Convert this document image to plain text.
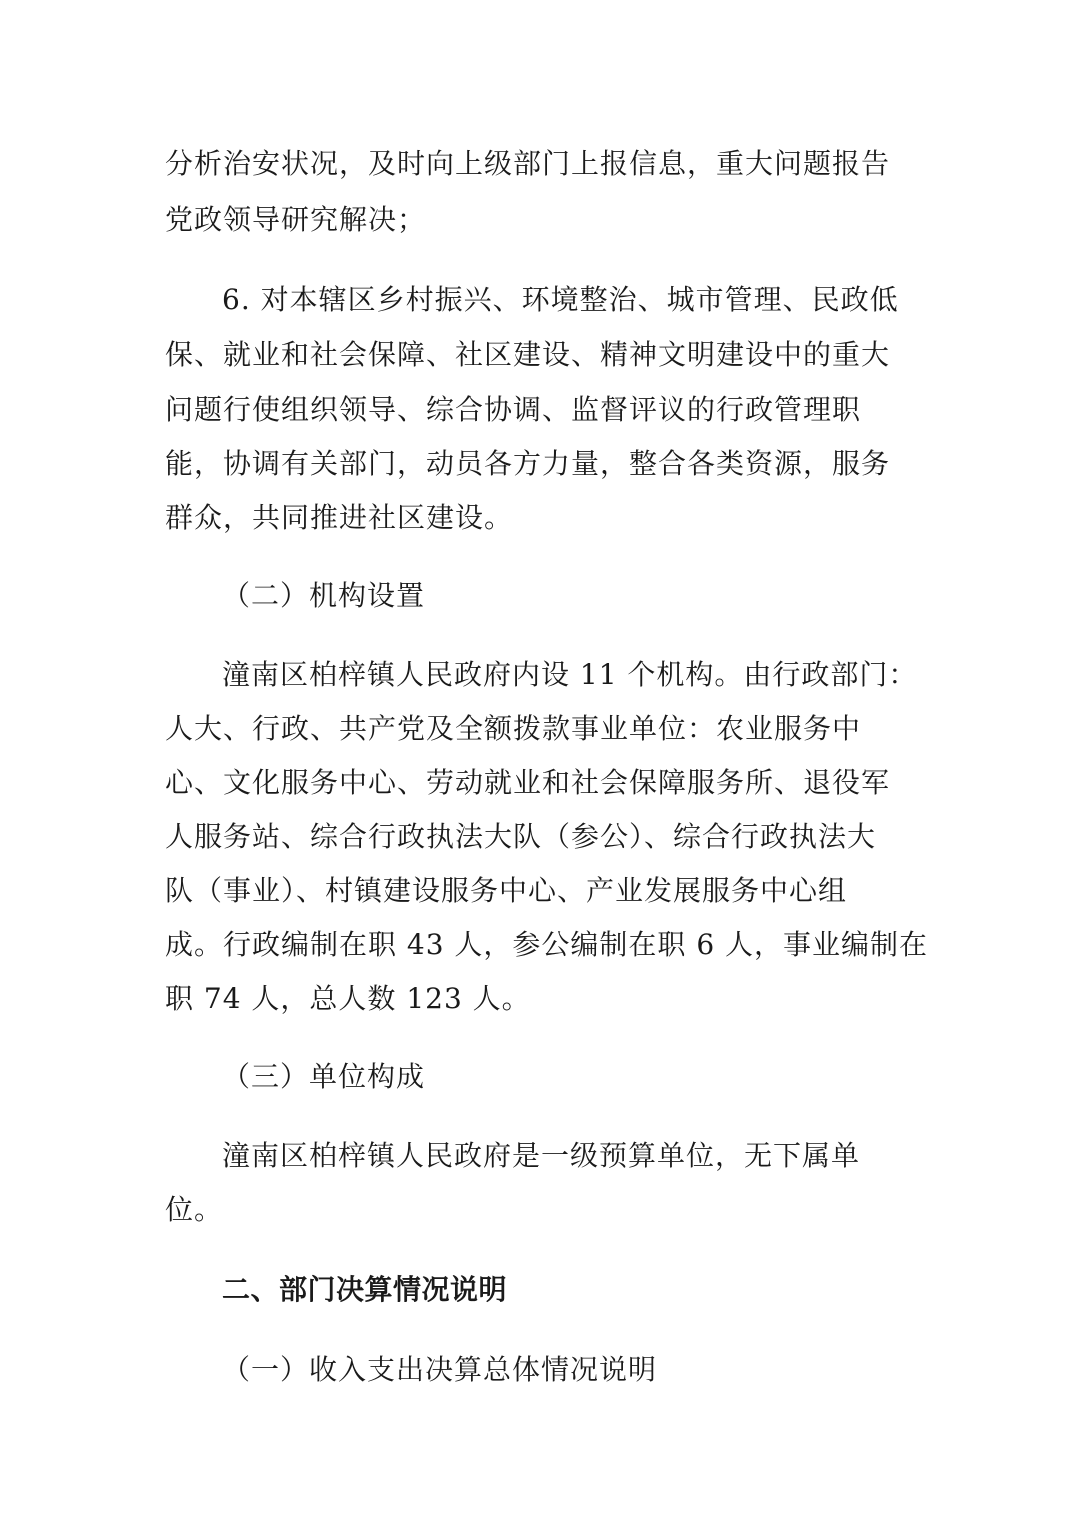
分析治安状况，及时向上级部门上报信息，重大问题报告
党政领导研究解决；
6. 对本辖区乡村振兴、环境整治、城市管理、民政低
保、就业和社会保障、社区建设、精神文明建设中的重大
问题行使组织领导、综合协调、监督评议的行政管理职
能，协调有关部门，动员各方力量，整合各类资源，服务
群众，共同推进社区建设。
（二）机构设置
潼南区柏梓镇人民政府内设 11 个机构。由行政部门：
人大、行政、共产党及全额拨款事业单位：农业服务中
心、文化服务中心、劳动就业和社会保障服务所、退役军
人服务站、综合行政执法大队（参公）、综合行政执法大
队（事业）、村镇建设服务中心、产业发展服务中心组
成。行政编制在职 43 人，参公编制在职 6 人，事业编制在
职 74 人，总人数 123 人。
（三）单位构成
潼南区柏梓镇人民政府是一级预算单位，无下属单
位。
二、部门决算情况说明
（一）收入支出决算总体情况说明
